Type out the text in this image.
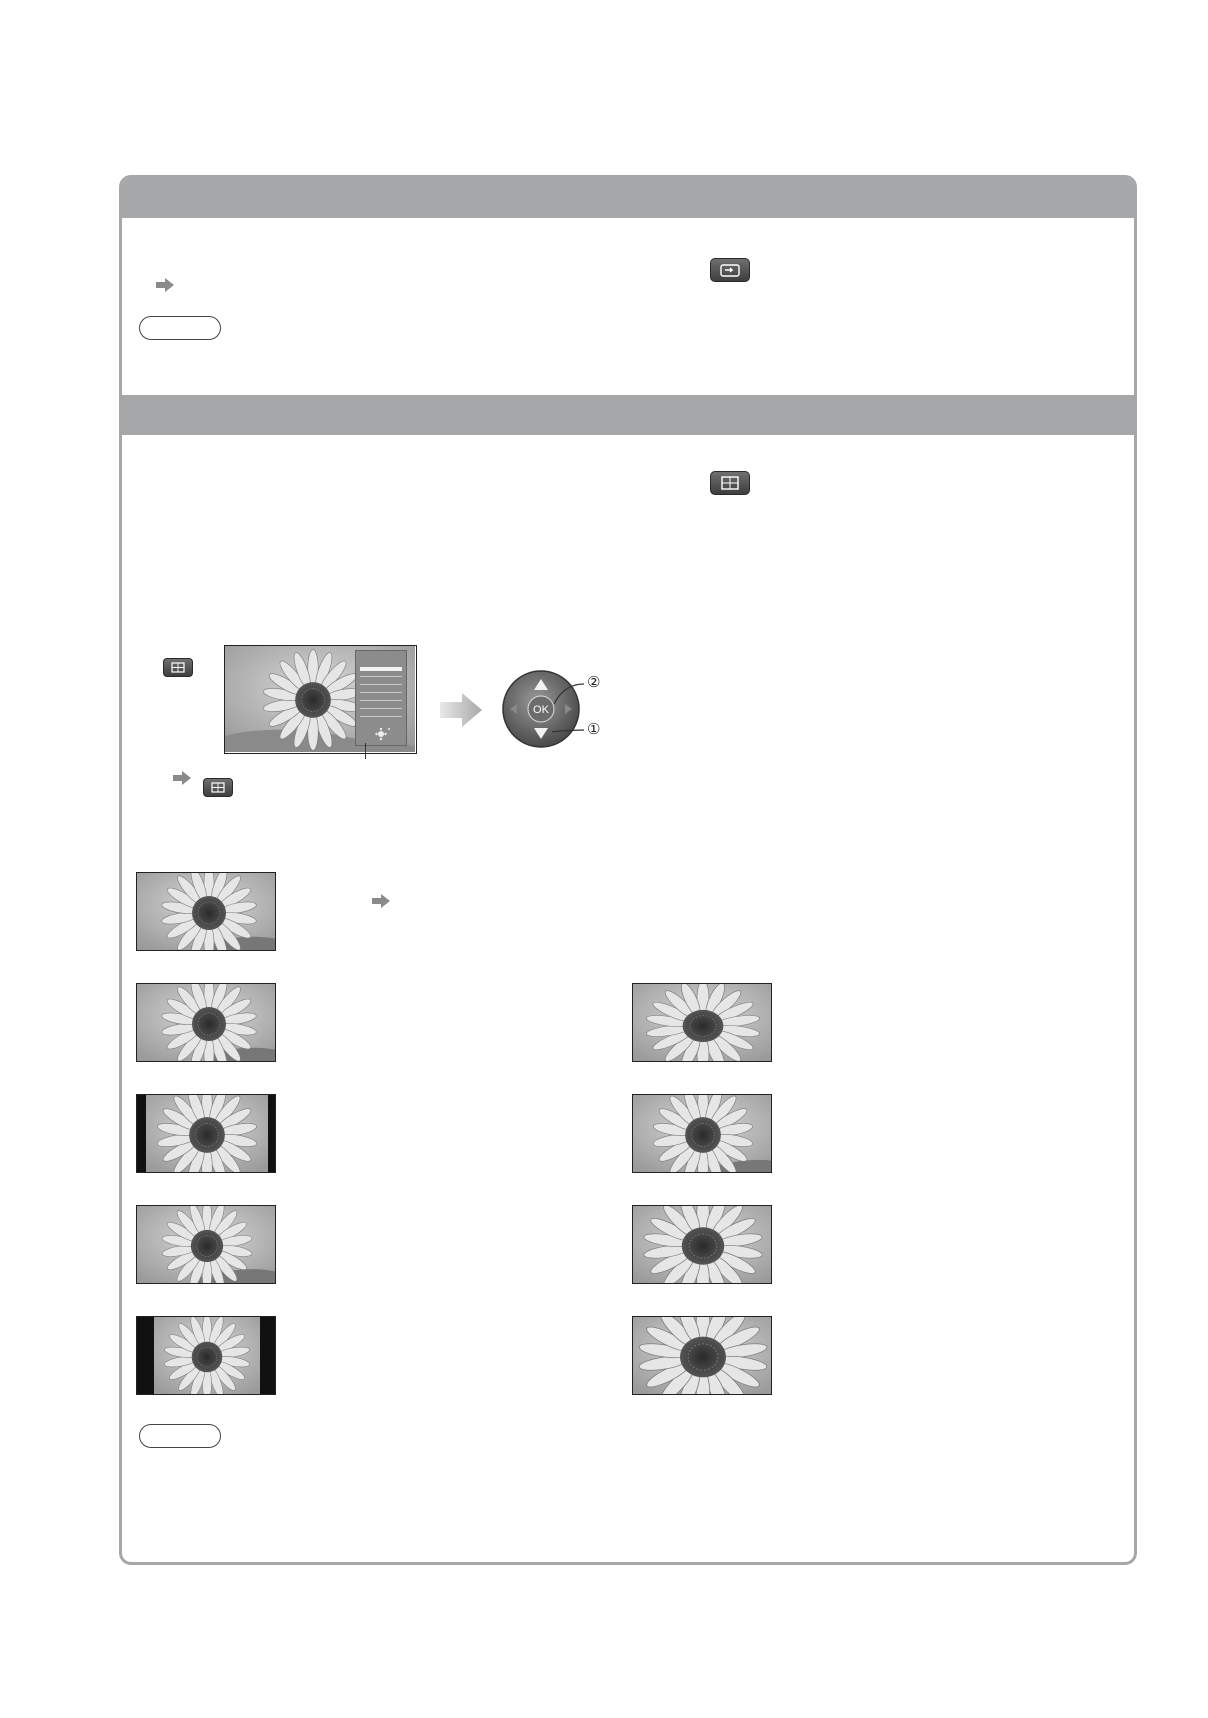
OK
②
①
